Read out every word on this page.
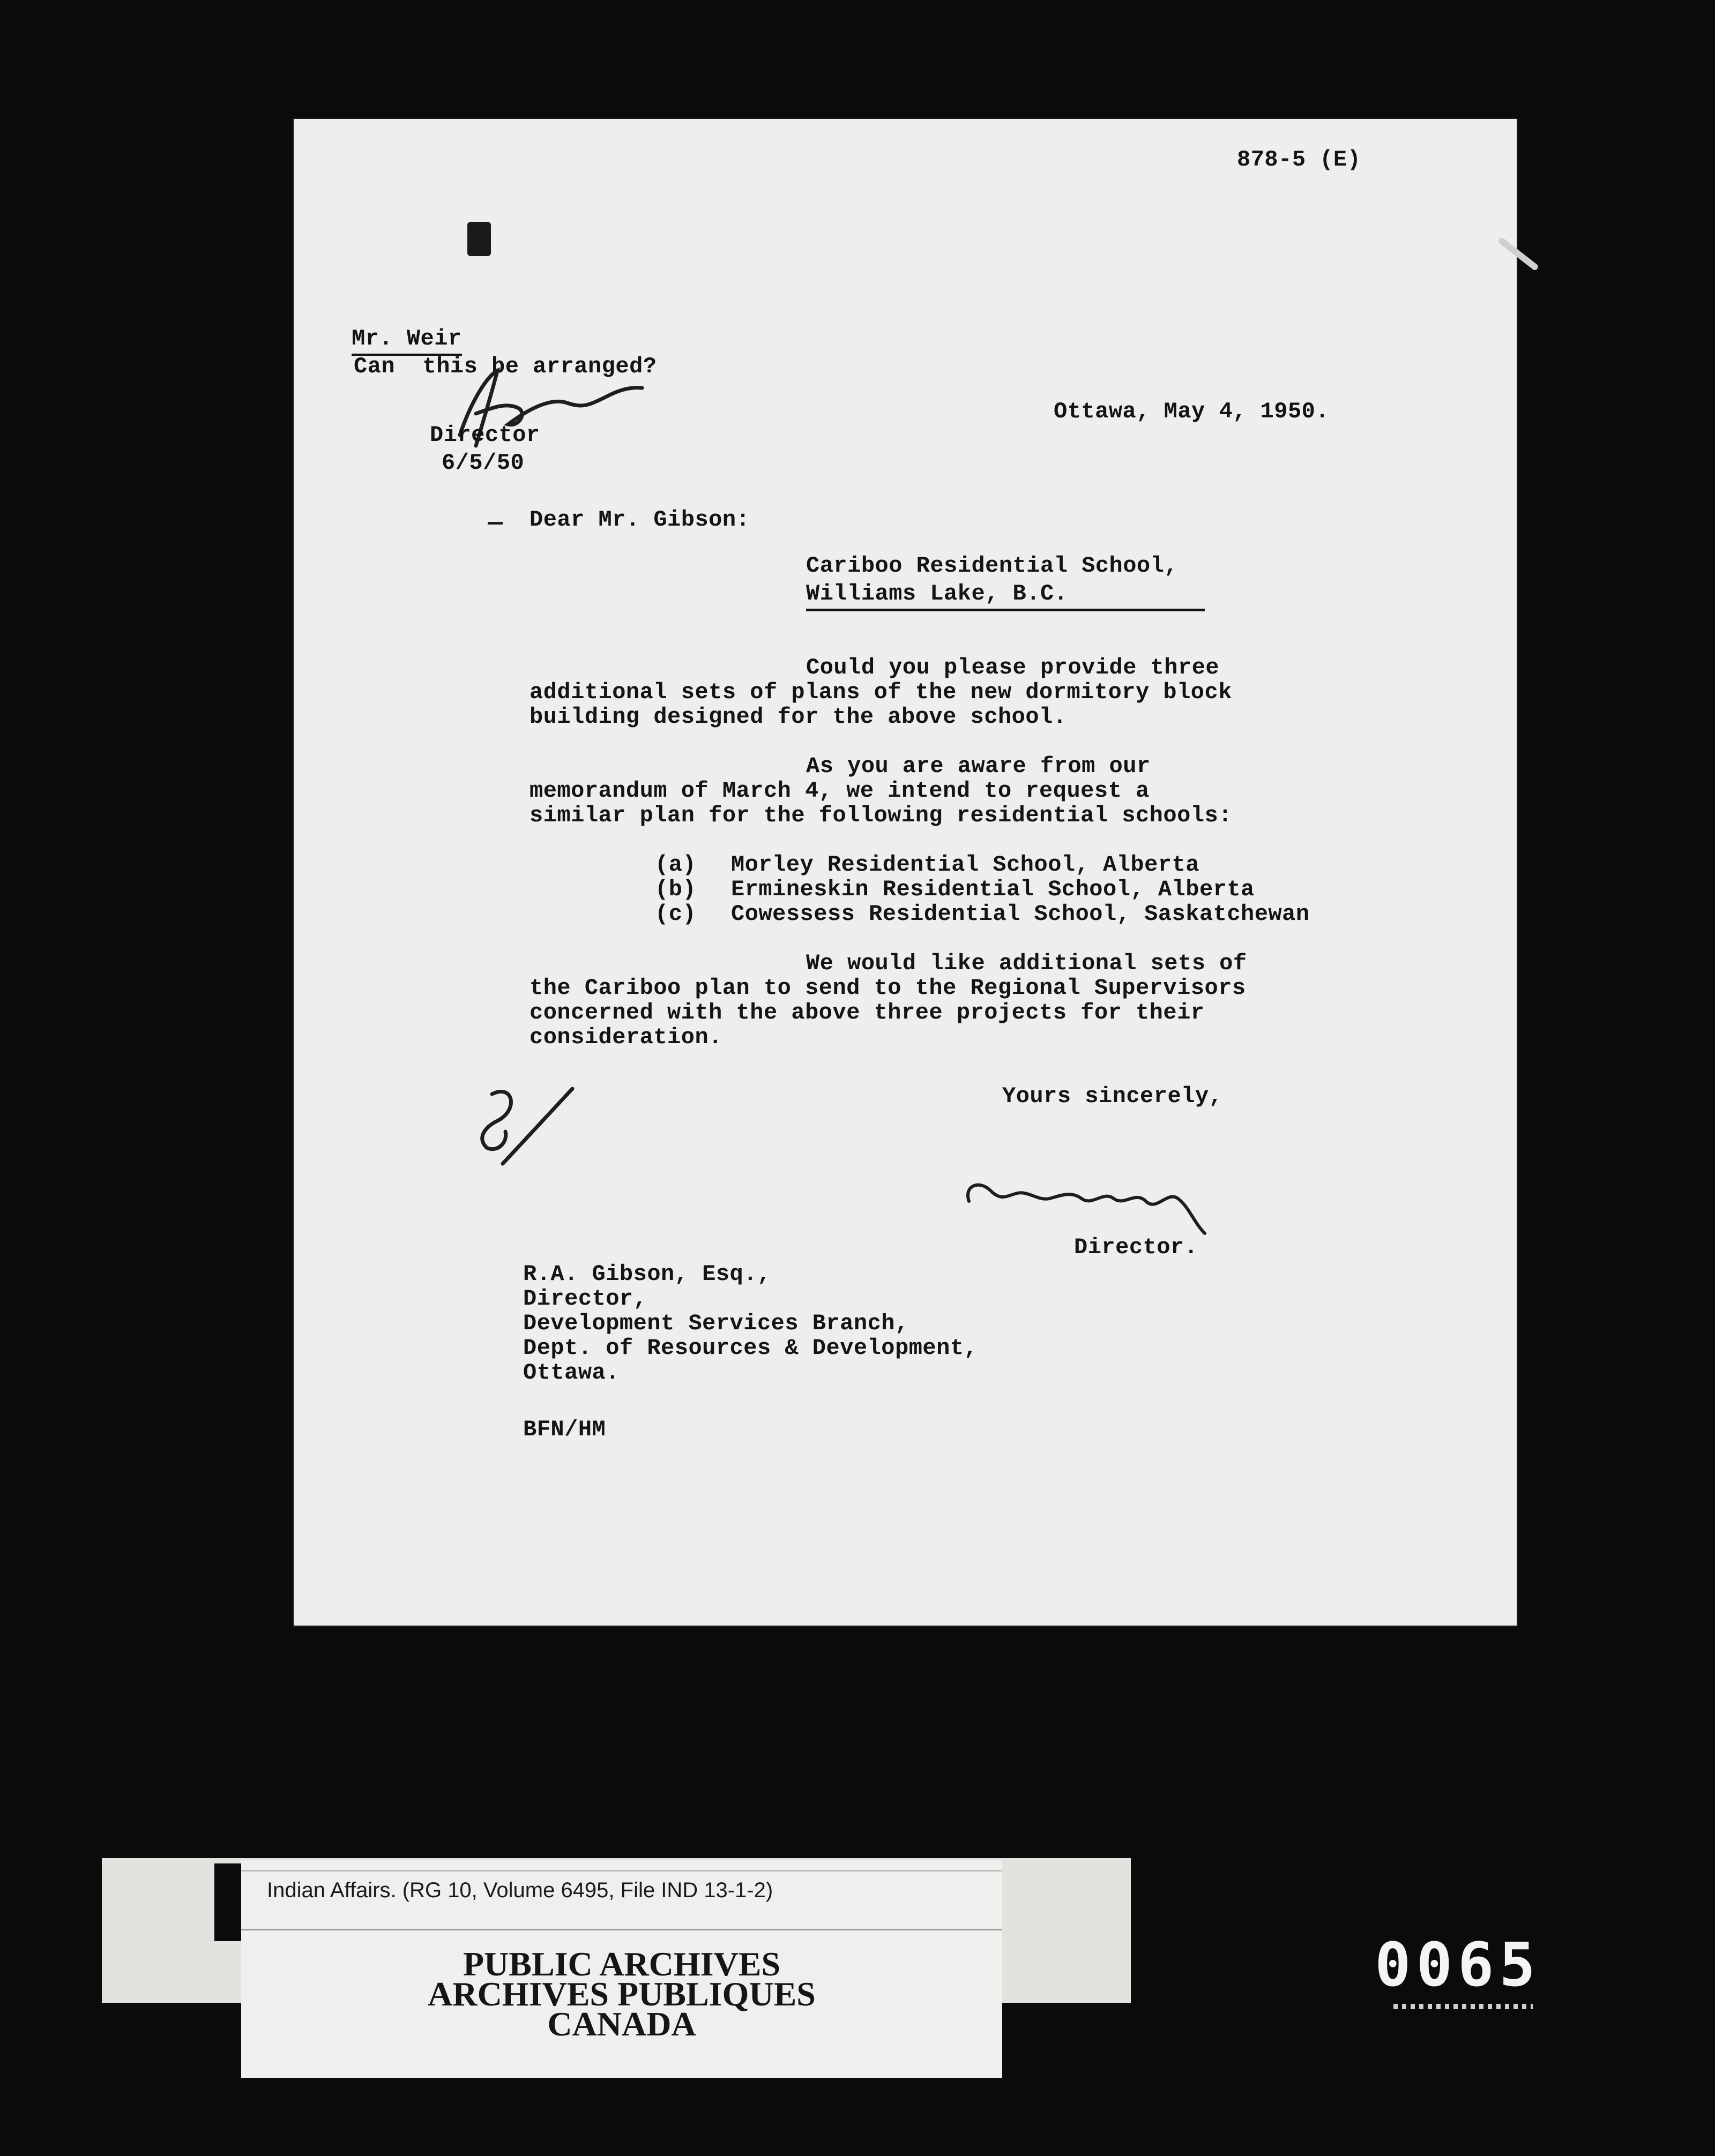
878-5 (E)
Mr. Weir
Can  this be arranged?
Director
6/5/50
Ottawa, May 4, 1950.
Dear Mr. Gibson:
Cariboo Residential School,
Williams Lake, B.C.
Could you please provide three
additional sets of plans of the new dormitory block
building designed for the above school.
As you are aware from our
memorandum of March 4, we intend to request a
similar plan for the following residential schools:
(a) Morley Residential School, Alberta
(b) Ermineskin Residential School, Alberta
(c) Cowessess Residential School, Saskatchewan
We would like additional sets of
the Cariboo plan to send to the Regional Supervisors
concerned with the above three projects for their
consideration.
Yours sincerely,
Director.
R.A. Gibson, Esq.,
Director,
Development Services Branch,
Dept. of Resources & Development,
Ottawa.
BFN/HM
Indian Affairs. (RG 10, Volume 6495, File IND 13-1-2)
PUBLIC ARCHIVES
ARCHIVES PUBLIQUES
CANADA
0065
